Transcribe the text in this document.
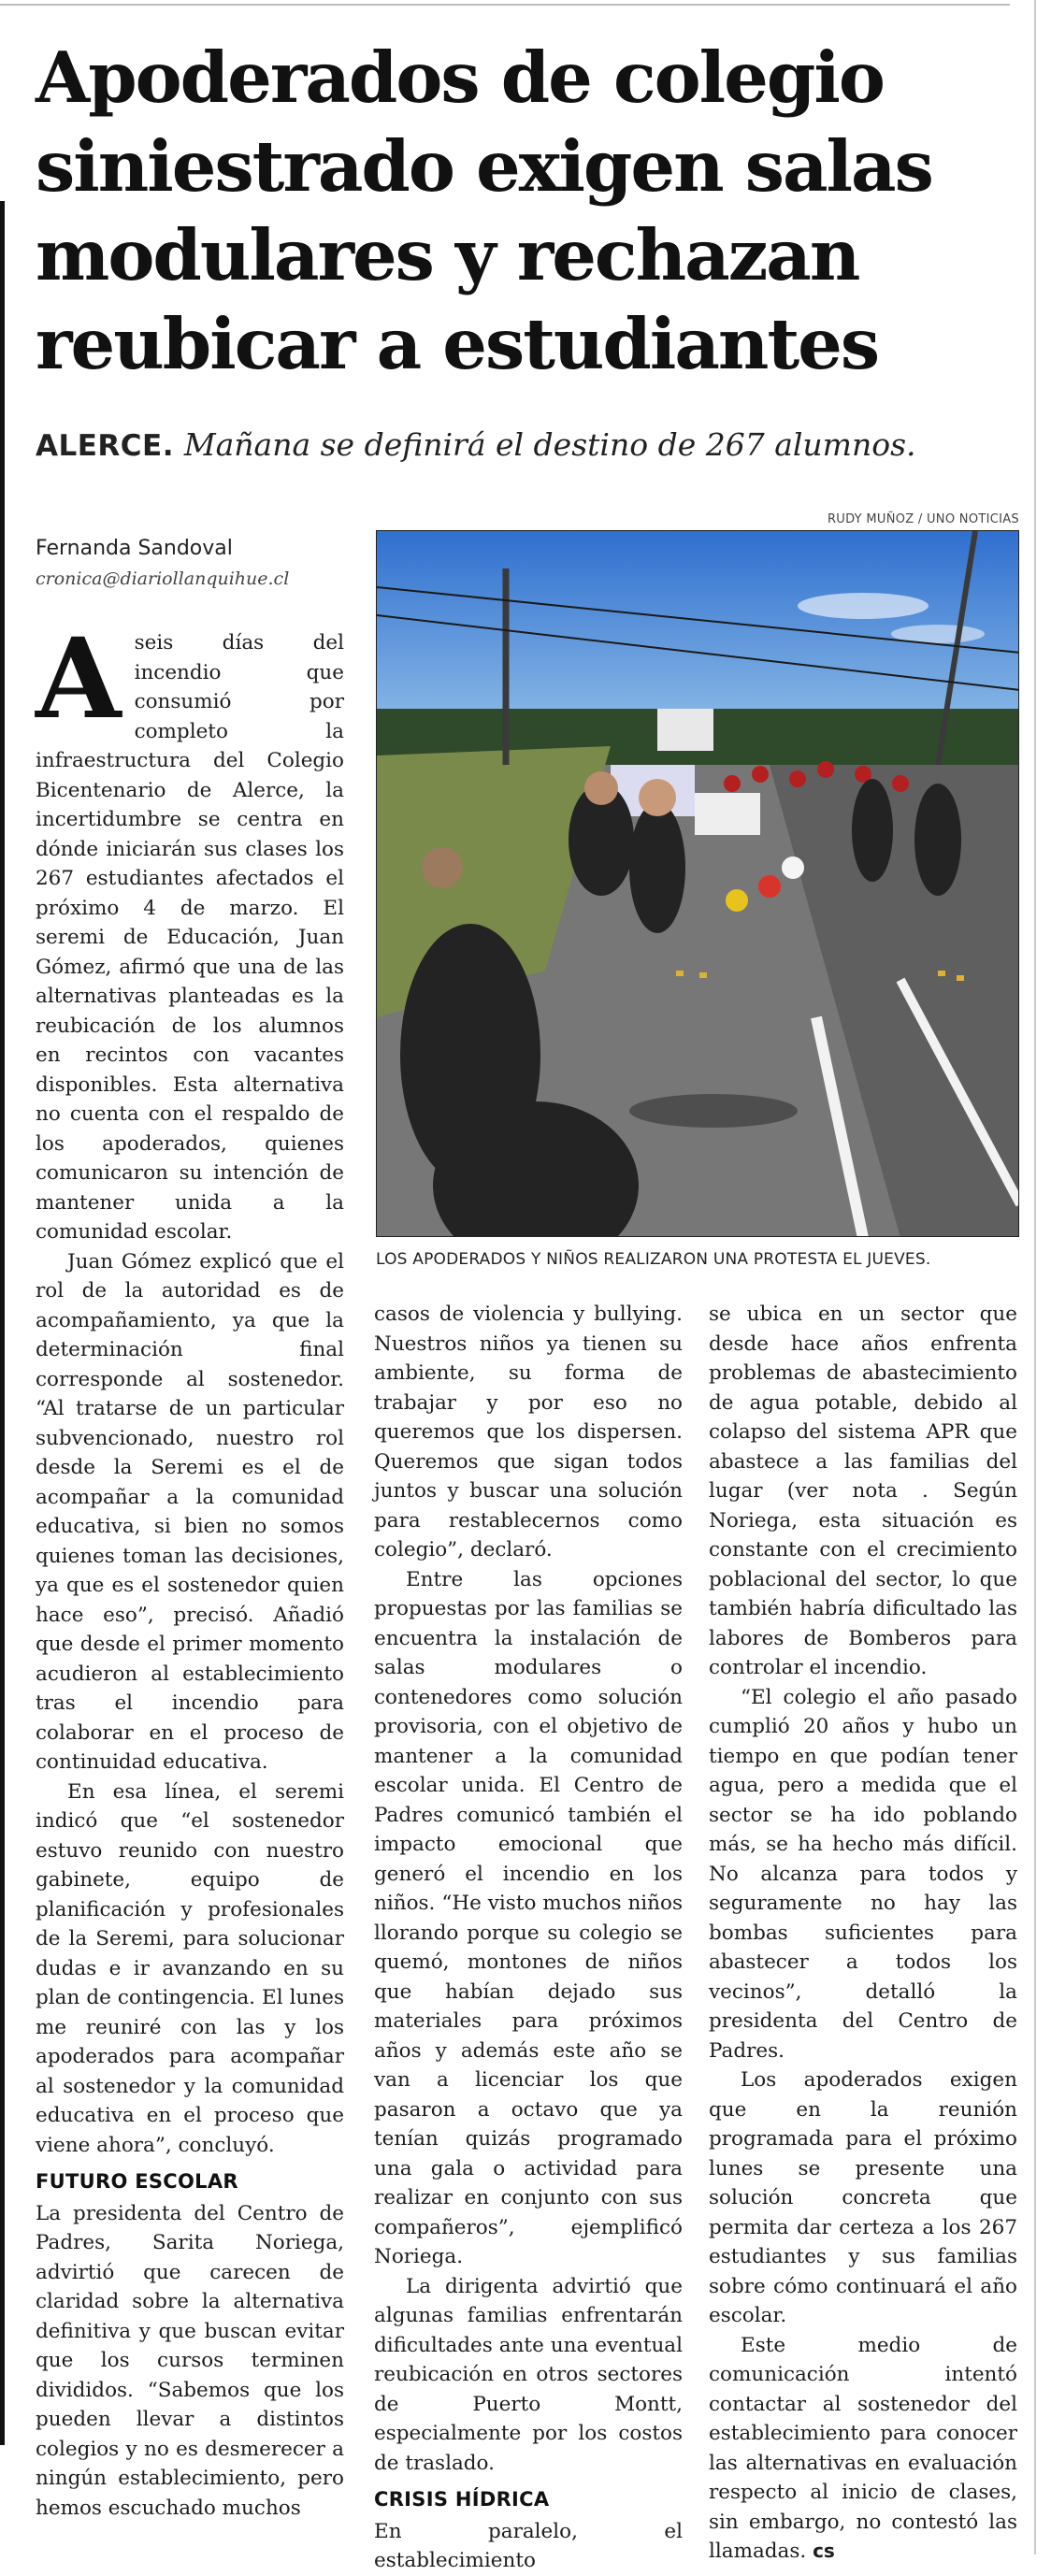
Apoderados de colegio siniestrado exigen salas modulares y rechazan reubicar a estudiantes
ALERCE. Mañana se definirá el destino de 267 alumnos.

Fernanda Sandoval

cronica@diariollanquihue.cl

RUDY MUÑOZ / UNO NOTICIAS
LOS APODERADOS Y NIÑOS REALIZARON UNA PROTESTA EL JUEVES.

Aseis días del incendio que consumió por completo la infraestructura del Colegio Bicentenario de Alerce, la incertidumbre se centra en dónde iniciarán sus clases los 267 estudiantes afectados el próximo 4 de marzo. El seremi de Educación, Juan Gómez, afirmó que una de las alternativas planteadas es la reubicación de los alumnos en recintos con vacantes disponibles. Esta alternativa no cuenta con el respaldo de los apoderados, quienes comunicaron su intención de mantener unida a la comunidad escolar.

Juan Gómez explicó que el rol de la autoridad es de acompañamiento, ya que la determinación final corresponde al sostenedor. “Al tratarse de un particular subvencionado, nuestro rol desde la Seremi es el de acompañar a la comunidad educativa, si bien no somos quienes toman las decisiones, ya que es el sostenedor quien hace eso”, precisó. Añadió que desde el primer momento acudieron al establecimiento tras el incendio para colaborar en el proceso de continuidad educativa.

En esa línea, el seremi indicó que “el sostenedor estuvo reunido con nuestro gabinete, equipo de planificación y profesionales de la Seremi, para solucionar dudas e ir avanzando en su plan de contingencia. El lunes me reuniré con las y los apoderados para acompañar al sostenedor y la comunidad educativa en el proceso que viene ahora”, concluyó.

FUTURO ESCOLAR

La presidenta del Centro de Padres, Sarita Noriega, advirtió que carecen de claridad sobre la alternativa definitiva y que buscan evitar que los cursos terminen divididos. “Sabemos que los pueden llevar a distintos colegios y no es desmerecer a ningún establecimiento, pero hemos escuchado muchos

casos de violencia y bullying. Nuestros niños ya tienen su ambiente, su forma de trabajar y por eso no queremos que los dispersen. Queremos que sigan todos juntos y buscar una solución para restablecernos como colegio”, declaró.

Entre las opciones propuestas por las familias se encuentra la instalación de salas modulares o contenedores como solución provisoria, con el objetivo de mantener a la comunidad escolar unida. El Centro de Padres comunicó también el impacto emocional que generó el incendio en los niños. “He visto muchos niños llorando porque su colegio se quemó, montones de niños que habían dejado sus materiales para próximos años y además este año se van a licenciar los que pasaron a octavo que ya tenían quizás programado una gala o actividad para realizar en conjunto con sus compañeros”, ejemplificó Noriega.

La dirigenta advirtió que algunas familias enfrentarán dificultades ante una eventual reubicación en otros sectores de Puerto Montt, especialmente por los costos de traslado.

CRISIS HÍDRICA

En paralelo, el establecimiento

se ubica en un sector que desde hace años enfrenta problemas de abastecimiento de agua potable, debido al colapso del sistema APR que abastece a las familias del lugar (ver nota . Según Noriega, esta situación es constante con el crecimiento poblacional del sector, lo que también habría dificultado las labores de Bomberos para controlar el incendio.

“El colegio el año pasado cumplió 20 años y hubo un tiempo en que podían tener agua, pero a medida que el sector se ha ido poblando más, se ha hecho más difícil. No alcanza para todos y seguramente no hay las bombas suficientes para abastecer a todos los vecinos”, detalló la presidenta del Centro de Padres.

Los apoderados exigen que en la reunión programada para el próximo lunes se presente una solución concreta que permita dar certeza a los 267 estudiantes y sus familias sobre cómo continuará el año escolar.

Este medio de comunicación intentó contactar al sostenedor del establecimiento para conocer las alternativas en evaluación respecto al inicio de clases, sin embargo, no contestó las llamadas. cs
